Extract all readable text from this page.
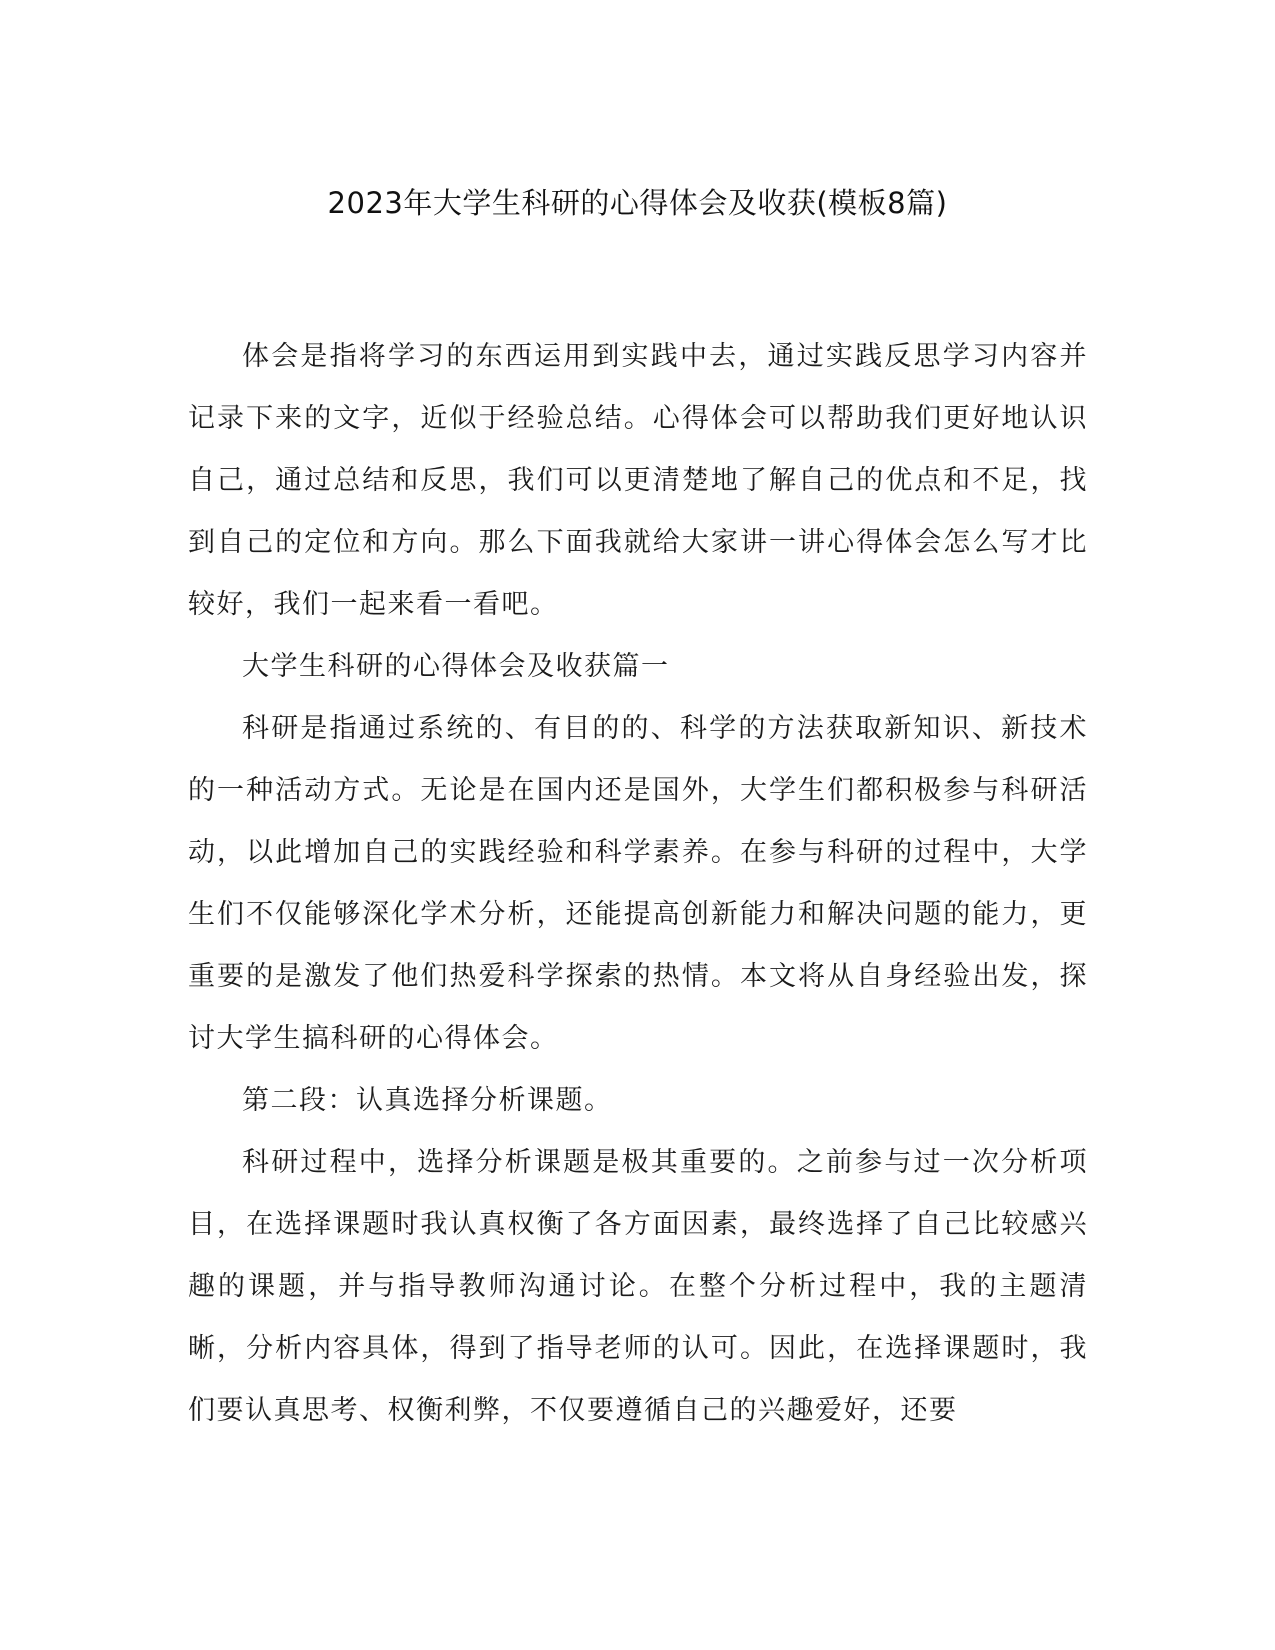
2023年大学生科研的心得体会及收获(模板8篇)

体会是指将学习的东西运用到实践中去，通过实践反思学习内容并记录下来的文字，近似于经验总结。心得体会可以帮助我们更好地认识自己，通过总结和反思，我们可以更清楚地了解自己的优点和不足，找到自己的定位和方向。那么下面我就给大家讲一讲心得体会怎么写才比较好，我们一起来看一看吧。

大学生科研的心得体会及收获篇一

科研是指通过系统的、有目的的、科学的方法获取新知识、新技术的一种活动方式。无论是在国内还是国外，大学生们都积极参与科研活动，以此增加自己的实践经验和科学素养。在参与科研的过程中，大学生们不仅能够深化学术分析，还能提高创新能力和解决问题的能力，更重要的是激发了他们热爱科学探索的热情。本文将从自身经验出发，探讨大学生搞科研的心得体会。

第二段：认真选择分析课题。

科研过程中，选择分析课题是极其重要的。之前参与过一次分析项目，在选择课题时我认真权衡了各方面因素，最终选择了自己比较感兴趣的课题，并与指导教师沟通讨论。在整个分析过程中，我的主题清晰，分析内容具体，得到了指导老师的认可。因此，在选择课题时，我们要认真思考、权衡利弊，不仅要遵循自己的兴趣爱好，还要
